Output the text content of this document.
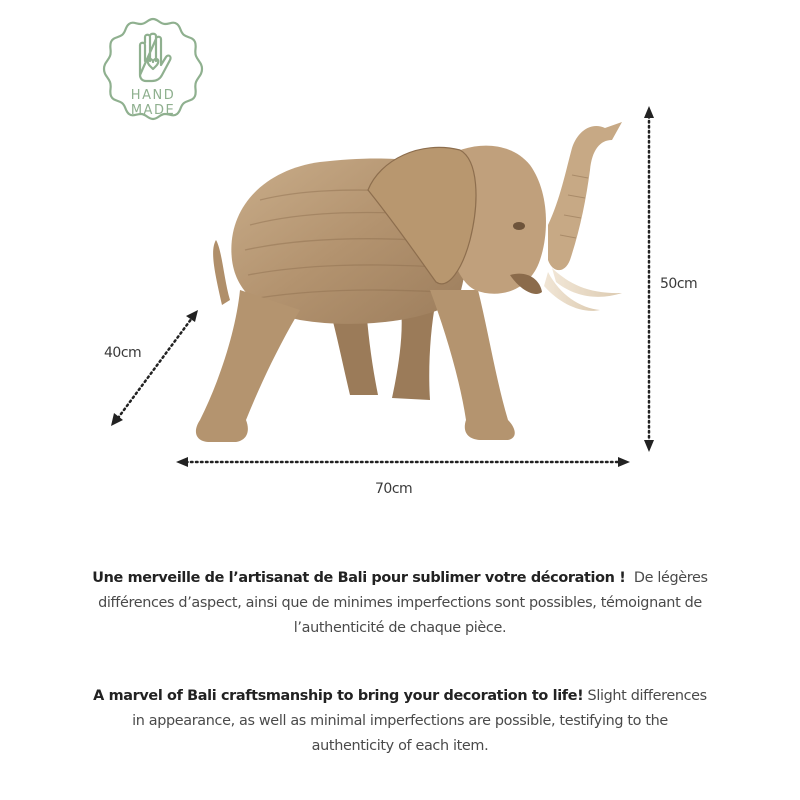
HAND
MADE
50cm
40cm
70cm
Une merveille de l’artisanat de Bali pour sublimer votre décoration ! De légères différences d’aspect, ainsi que de minimes imperfections sont possibles, témoignant de l’authenticité de chaque pièce.
A marvel of Bali craftsmanship to bring your decoration to life! Slight differences in appearance, as well as minimal imperfections are possible, testifying to the authenticity of each item.
